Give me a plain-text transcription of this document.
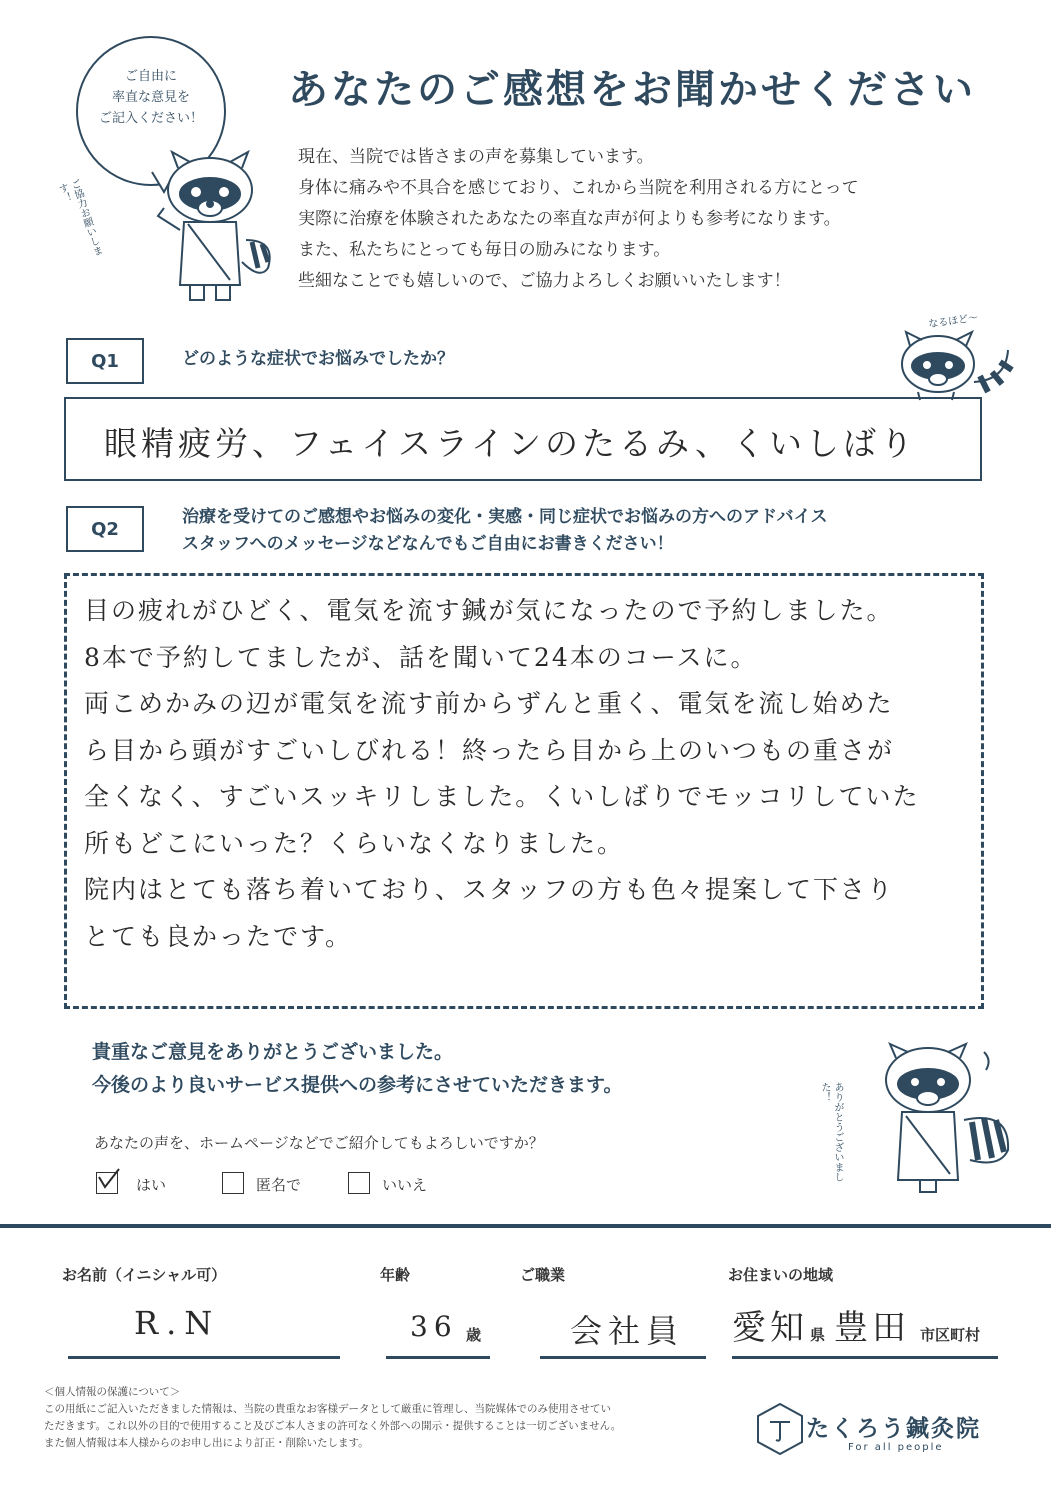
ご自由に
率直な意見を
ご記入ください！
ご協力お願いします！
あなたのご感想をお聞かせください
現在、当院では皆さまの声を募集しています。
身体に痛みや不具合を感じており、これから当院を利用される方にとって
実際に治療を体験されたあなたの率直な声が何よりも参考になります。
また、私たちにとっても毎日の励みになります。
些細なことでも嬉しいので、ご協力よろしくお願いいたします！
Q1	どのような症状でお悩みでしたか？
なるほど〜
眼精疲労、フェイスラインのたるみ、くいしばり
Q2
治療を受けてのご感想やお悩みの変化・実感・同じ症状でお悩みの方へのアドバイス
スタッフへのメッセージなどなんでもご自由にお書きください！
目の疲れがひどく、電気を流す鍼が気になったので予約しました。
8本で予約してましたが、話を聞いて24本のコースに。
両こめかみの辺が電気を流す前からずんと重く、電気を流し始めた
ら目から頭がすごいしびれる！終ったら目から上のいつもの重さが
全くなく、すごいスッキリしました。くいしばりでモッコリしていた
所もどこにいった？くらいなくなりました。
院内はとても落ち着いており、スタッフの方も色々提案して下さり
とても良かったです。
貴重なご意見をありがとうございました。
今後のより良いサービス提供への参考にさせていただきます。	ありがとうございました！
あなたの声を、ホームページなどでご紹介してもよろしいですか？
はい	匿名で	いいえ
お名前（イニシャル可）
R.N
年齢
36 歳
ご職業
会社員
お住まいの地域
愛知 県 豊田 市区町村
＜個人情報の保護について＞
この用紙にご記入いただきました情報は、当院の貴重なお客様データとして厳重に管理し、当院媒体でのみ使用させてい
ただきます。これ以外の目的で使用すること及びご本人さまの許可なく外部への開示・提供することは一切ございません。
また個人情報は本人様からのお申し出により訂正・削除いたします。
たくろう鍼灸院
For all people
